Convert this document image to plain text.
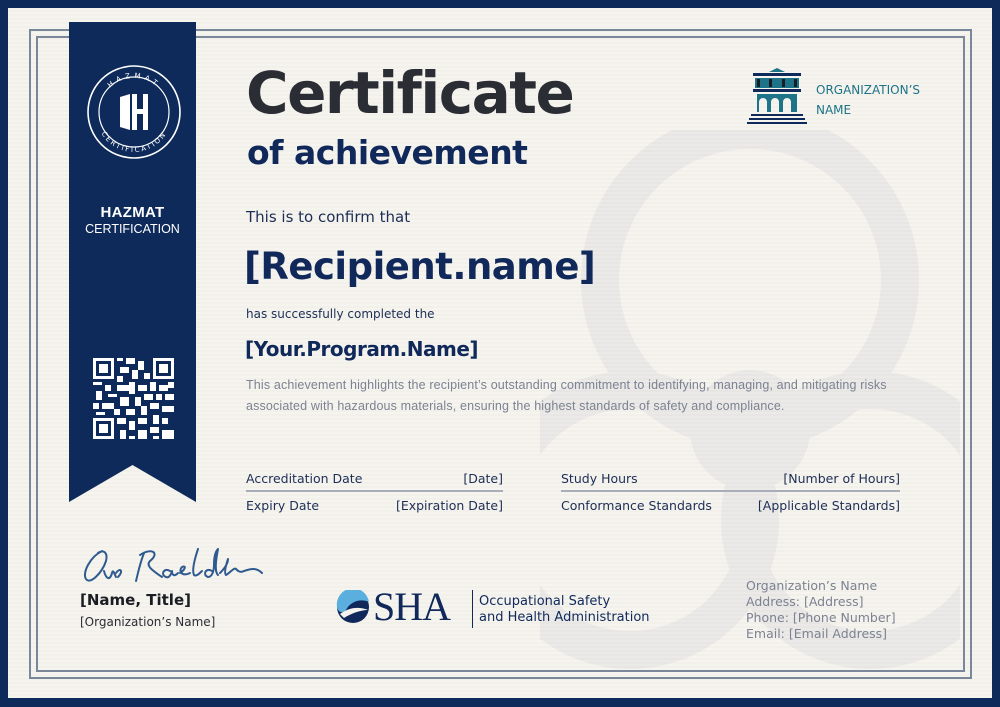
HAZMAT
CERTIFICATION
HAZMAT
CERTIFICATION
Certificate
of achievement
ORGANIZATION’S
NAME
This is to confirm that
[Recipient.name]
has successfully completed the
[Your.Program.Name]
This achievement highlights the recipient’s outstanding commitment to identifying, managing, and mitigating risks associated with hazardous materials, ensuring the highest standards of safety and compliance.
Accreditation Date	[Date]
Expiry Date	[Expiration Date]
Study Hours	[Number of Hours]
Conformance Standards	[Applicable Standards]
[Name, Title]
[Organization’s Name]	SHA Occupational Safety
and Health Administration
Organization’s Name
Address: [Address]
Phone: [Phone Number]
Email: [Email Address]
